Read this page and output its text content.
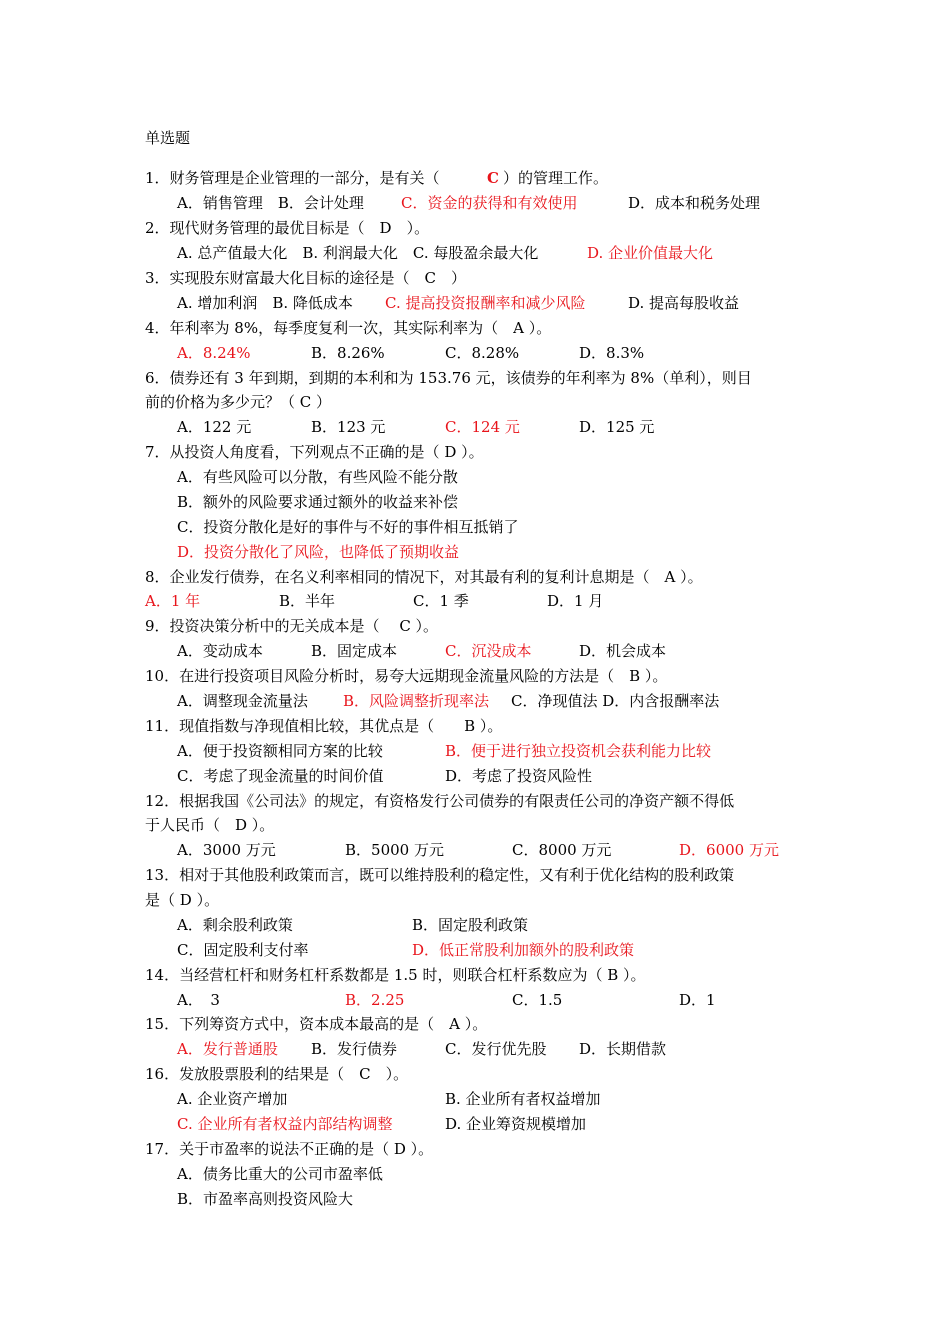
单选题
1．财务管理是企业管理的一部分，是有关（	C ）的管理工作。
A．销售管理　B．会计处理　 C．资金的获得和有效使用 　D．成本和税务处理
2．现代财务管理的最优目标是（　D　）。
A. 总产值最大化　B. 利润最大化　C. 每股盈余最大化　 D. 企业价值最大化
3．实现股东财富最大化目标的途径是（　C　）
A. 增加利润　B. 降低成本　 C. 提高投资报酬率和减少风险 　D. 提高每股收益
4．年利率为 8%，每季度复利一次，其实际利率为（　A ）。
A．8.24%	B．8.26%	C．8.28%	D．8.3%
6．债券还有 3 年到期，到期的本利和为 153.76 元，该债券的年利率为 8%（单利），则目
前的价格为多少元？（ C ）
A．122 元	B．123 元	C．124 元	D．125 元
7．从投资人角度看，下列观点不正确的是（ D ）。
A．有些风险可以分散，有些风险不能分散
B．额外的风险要求通过额外的收益来补偿
C．投资分散化是好的事件与不好的事件相互抵销了
D．投资分散化了风险，也降低了预期收益
8．企业发行债券，在名义利率相同的情况下，对其最有利的复利计息期是（　A ）。
A．1 年	B．半年	C．1 季	D．1 月
9．投资决策分析中的无关成本是（　 C ）。
A．变动成本	B．固定成本	C．沉没成本	D．机会成本
10．在进行投资项目风险分析时，易夸大远期现金流量风险的方法是（　B ）。
A．调整现金流量法　 B．风险调整折现率法 C．净现值法 D．内含报酬率法
11．现值指数与净现值相比较，其优点是（　　B ）。
A．便于投资额相同方案的比较	B．便于进行独立投资机会获利能力比较
C．考虑了现金流量的时间价值	D．考虑了投资风险性
12．根据我国《公司法》的规定，有资格发行公司债券的有限责任公司的净资产额不得低
于人民币（　D ）。
A．3000 万元	B．5000 万元	C．8000 万元	D．6000 万元
13．相对于其他股利政策而言，既可以维持股利的稳定性，又有利于优化结构的股利政策
是（ D ）。
A．剩余股利政策	B．固定股利政策
C．固定股利支付率	D．低正常股利加额外的股利政策
14．当经营杠杆和财务杠杆系数都是 1.5 时，则联合杠杆系数应为（ B ）。
A．　3	B．2.25	C．1.5	D．1
15．下列筹资方式中，资本成本最高的是（　A ）。
A．发行普通股 B．发行债券	C．发行优先股 D．长期借款
16．发放股票股利的结果是（　C　）。
A. 企业资产增加	B. 企业所有者权益增加
C. 企业所有者权益内部结构调整	D. 企业筹资规模增加
17．关于市盈率的说法不正确的是（ D ）。
A．债务比重大的公司市盈率低
B．市盈率高则投资风险大
